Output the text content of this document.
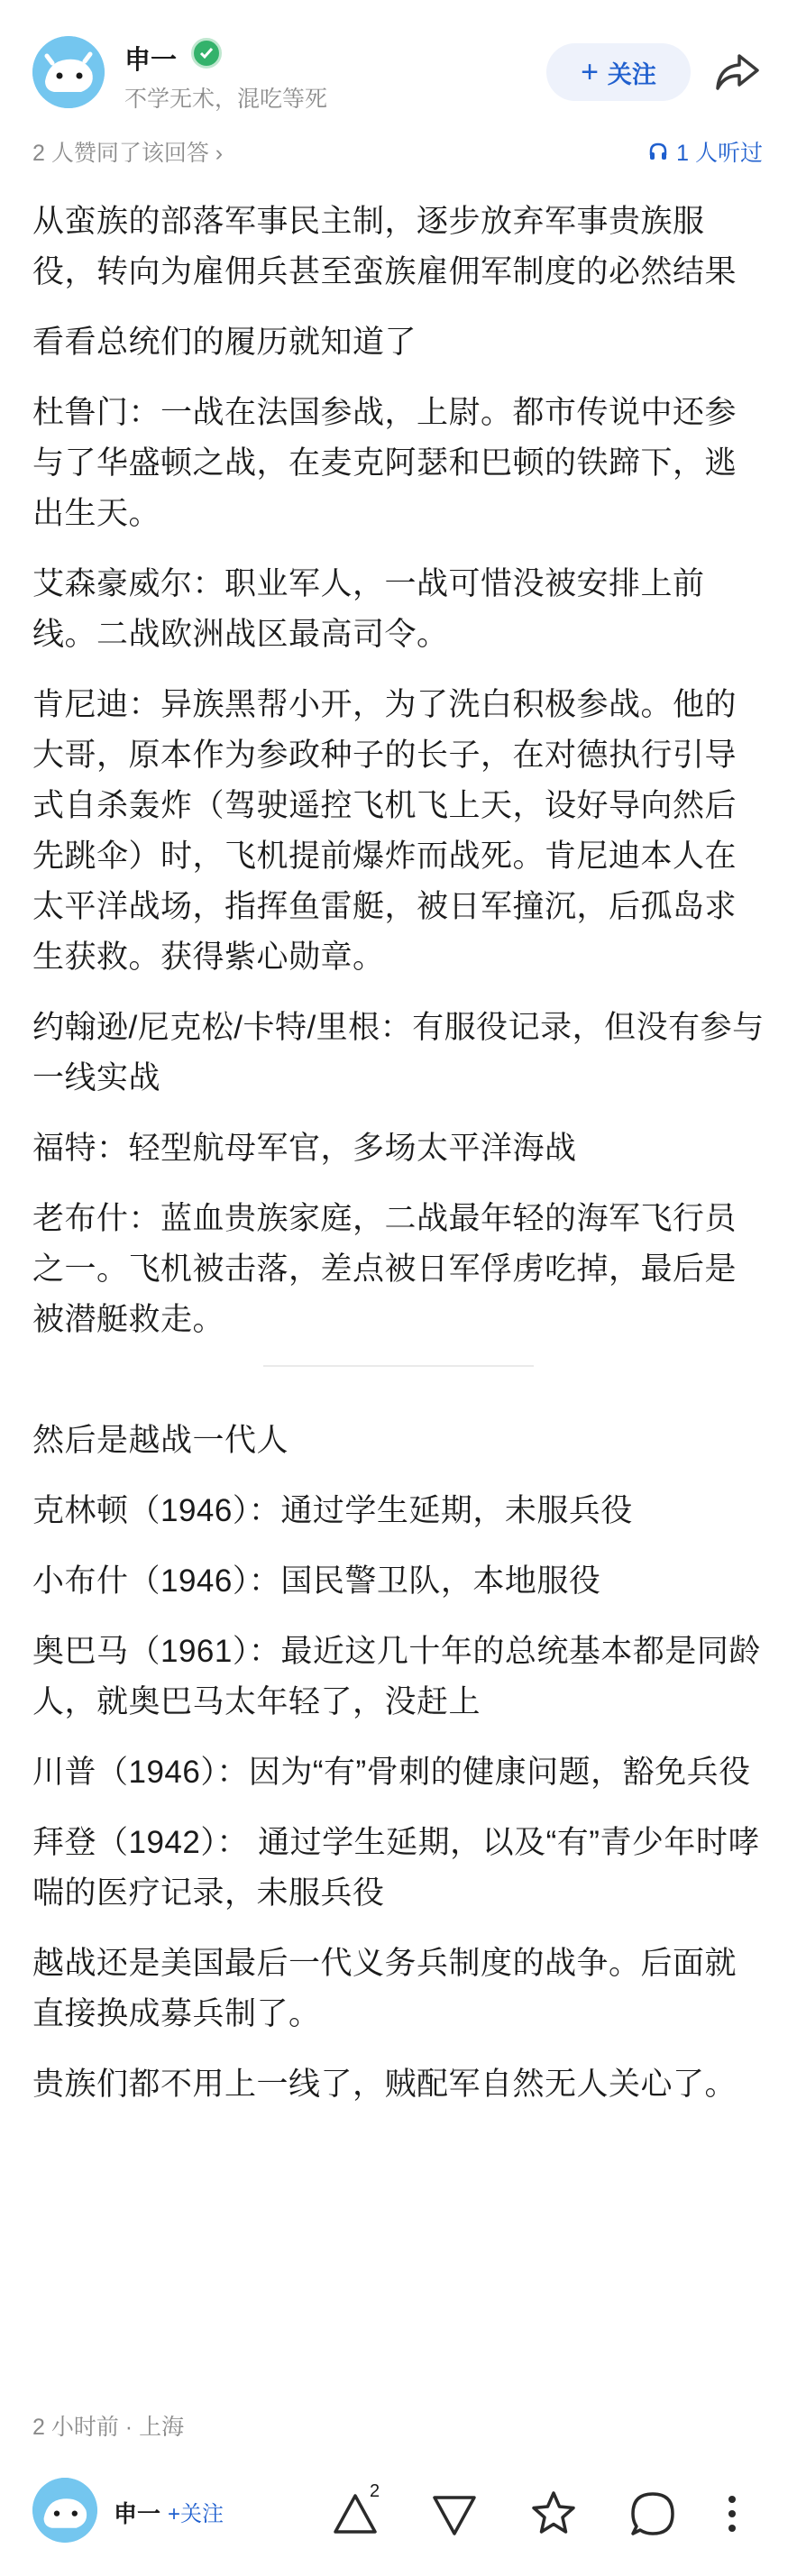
申一
不学无术，混吃等死
+ 关注
2 人赞同了该回答 ›	1 人听过

从蛮族的部落军事民主制，逐步放弃军事贵族服役，转向为雇佣兵甚至蛮族雇佣军制度的必然结果

看看总统们的履历就知道了

杜鲁门：一战在法国参战，上尉。都市传说中还参与了华盛顿之战，在麦克阿瑟和巴顿的铁蹄下，逃出生天。

艾森豪威尔：职业军人，一战可惜没被安排上前线。二战欧洲战区最高司令。

肯尼迪：异族黑帮小开，为了洗白积极参战。他的大哥，原本作为参政种子的长子，在对德执行引导式自杀轰炸（驾驶遥控飞机飞上天，设好导向然后先跳伞）时，飞机提前爆炸而战死。肯尼迪本人在太平洋战场，指挥鱼雷艇，被日军撞沉，后孤岛求生获救。获得紫心勋章。

约翰逊/尼克松/卡特/里根：有服役记录，但没有参与一线实战

福特：轻型航母军官，多场太平洋海战

老布什：蓝血贵族家庭，二战最年轻的海军飞行员之一。飞机被击落，差点被日军俘虏吃掉，最后是被潜艇救走。

然后是越战一代人

克林顿（1946）：通过学生延期，未服兵役

小布什（1946）：国民警卫队，本地服役

奥巴马（1961）：最近这几十年的总统基本都是同龄人，就奥巴马太年轻了，没赶上

川普（1946）：因为“有”骨刺的健康问题，豁免兵役

拜登（1942）： 通过学生延期，以及“有”青少年时哮喘的医疗记录，未服兵役

越战还是美国最后一代义务兵制度的战争。后面就直接换成募兵制了。

贵族们都不用上一线了，贼配军自然无人关心了。

2 小时前 · 上海
申一 +关注
2
